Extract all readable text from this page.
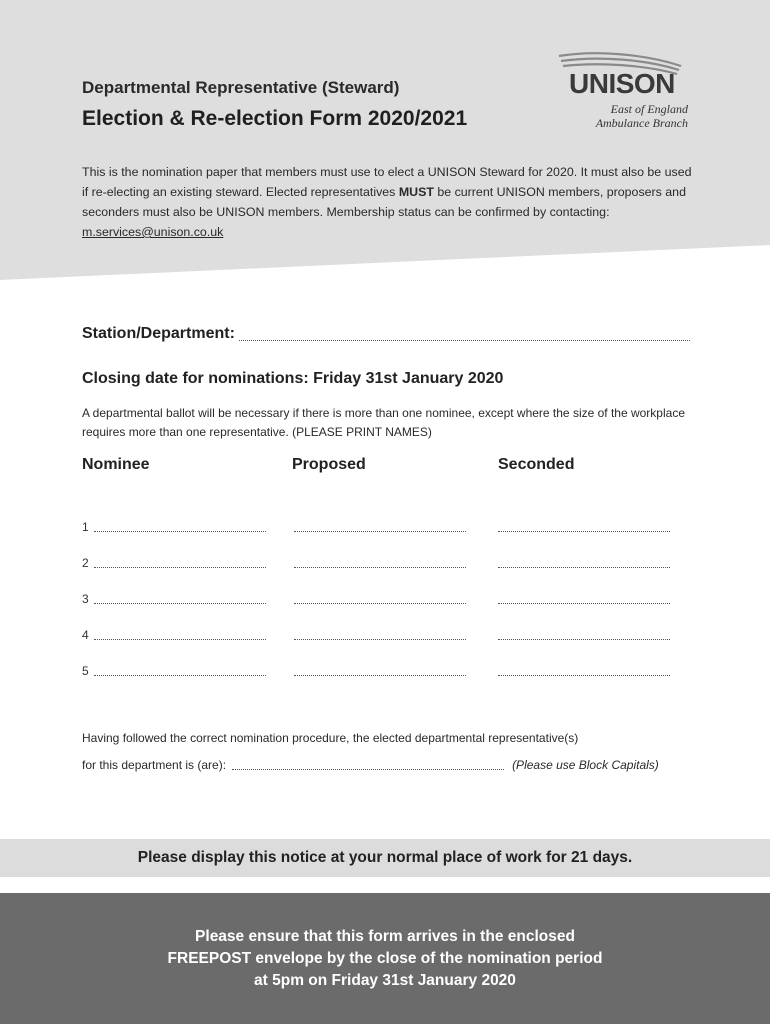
Departmental Representative (Steward)
Election & Re-election Form 2020/2021
UNISON
East of England
Ambulance Branch

This is the nomination paper that members must use to elect a UNISON Steward for 2020. It must also be used if re-electing an existing steward. Elected representatives MUST be current UNISON members, proposers and seconders must also be UNISON members. Membership status can be confirmed by contacting: m.services@unison.co.uk

Station/Department:
Closing date for nominations: Friday 31st January 2020

A departmental ballot will be necessary if there is more than one nominee, except where the size of the workplace requires more than one representative. (PLEASE PRINT NAMES)

Nominee	Proposed	Seconded
1
2
3
4
5
Having followed the correct nomination procedure, the elected departmental representative(s)
for this department is (are):	(Please use Block Capitals)
Please display this notice at your normal place of work for 21 days.
Please ensure that this form arrives in the enclosed
FREEPOST envelope by the close of the nomination period
at 5pm on Friday 31st January 2020
